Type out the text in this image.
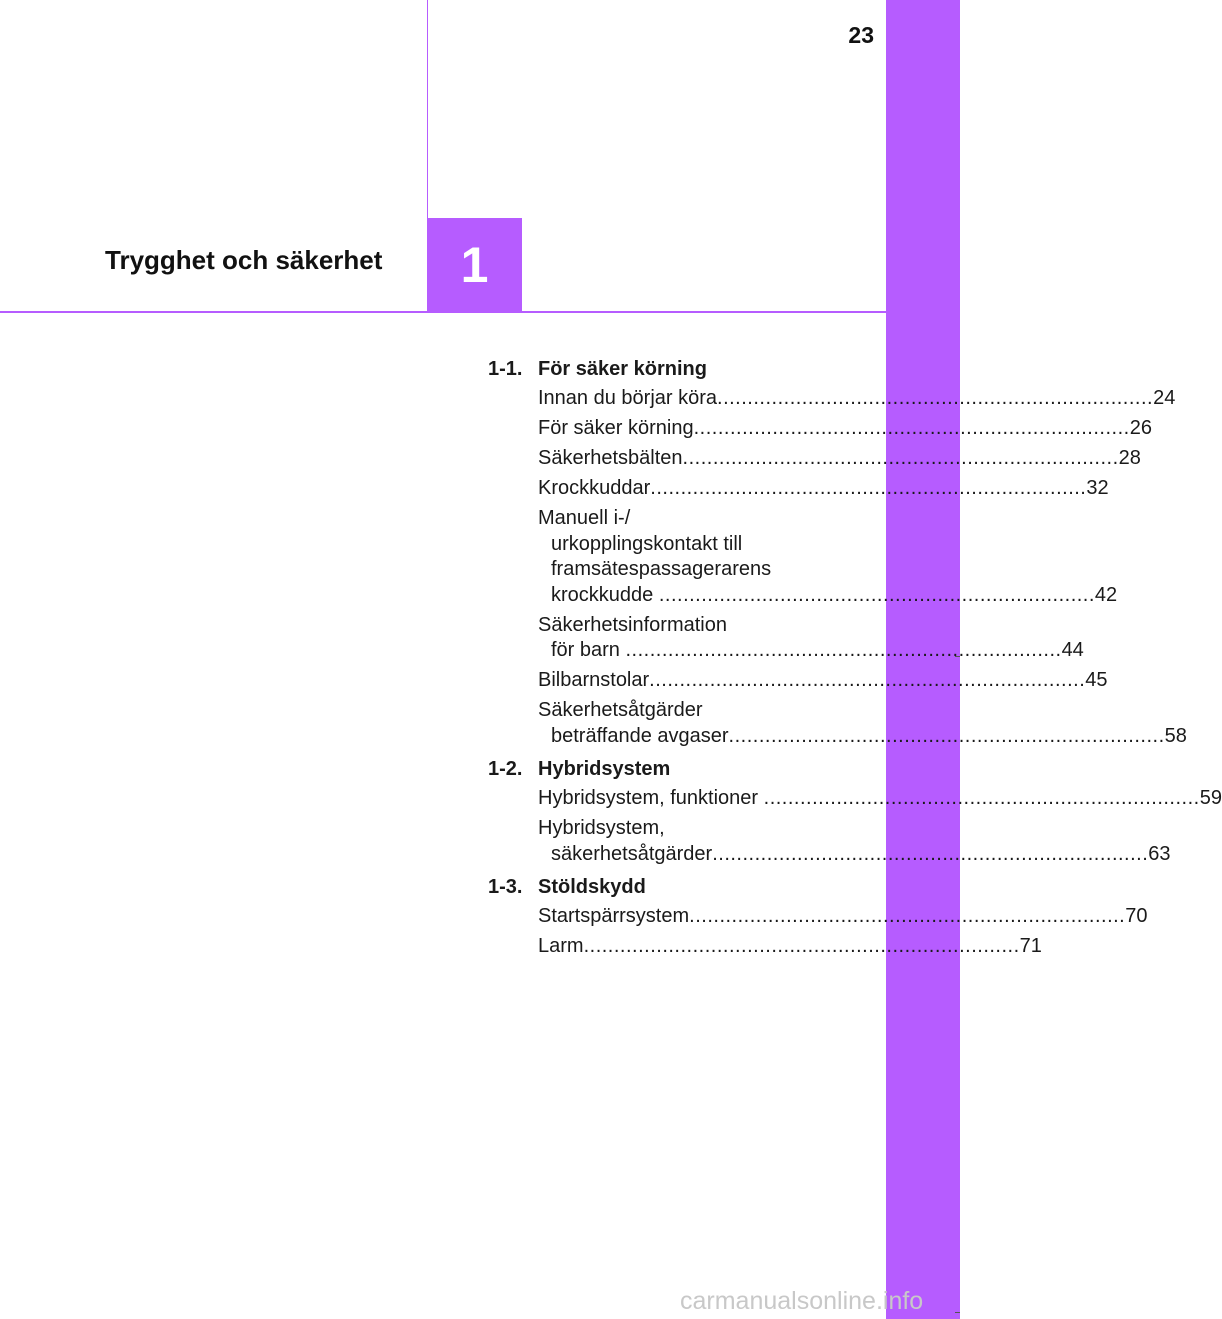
23
Trygghet och säkerhet 1
1-1. För säker körning
Innan du börjar köra .....	24
För säker körning .....	26
Säkerhetsbälten .....	28
Krockkuddar .....	32
Manuell i-/
urkopplingskontakt till
framsätespassagerarens
krockkudde .....	42
Säkerhetsinformation
för barn .....	44
Bilbarnstolar .....	45
Säkerhetsåtgärder
beträffande avgaser .....	58
1-2. Hybridsystem
Hybridsystem, funktioner .....	59
Hybridsystem,
säkerhetsåtgärder .....	63
1-3. Stöldskydd
Startspärrsystem .....	70
Larm .....	71
carmanualsonline.info
